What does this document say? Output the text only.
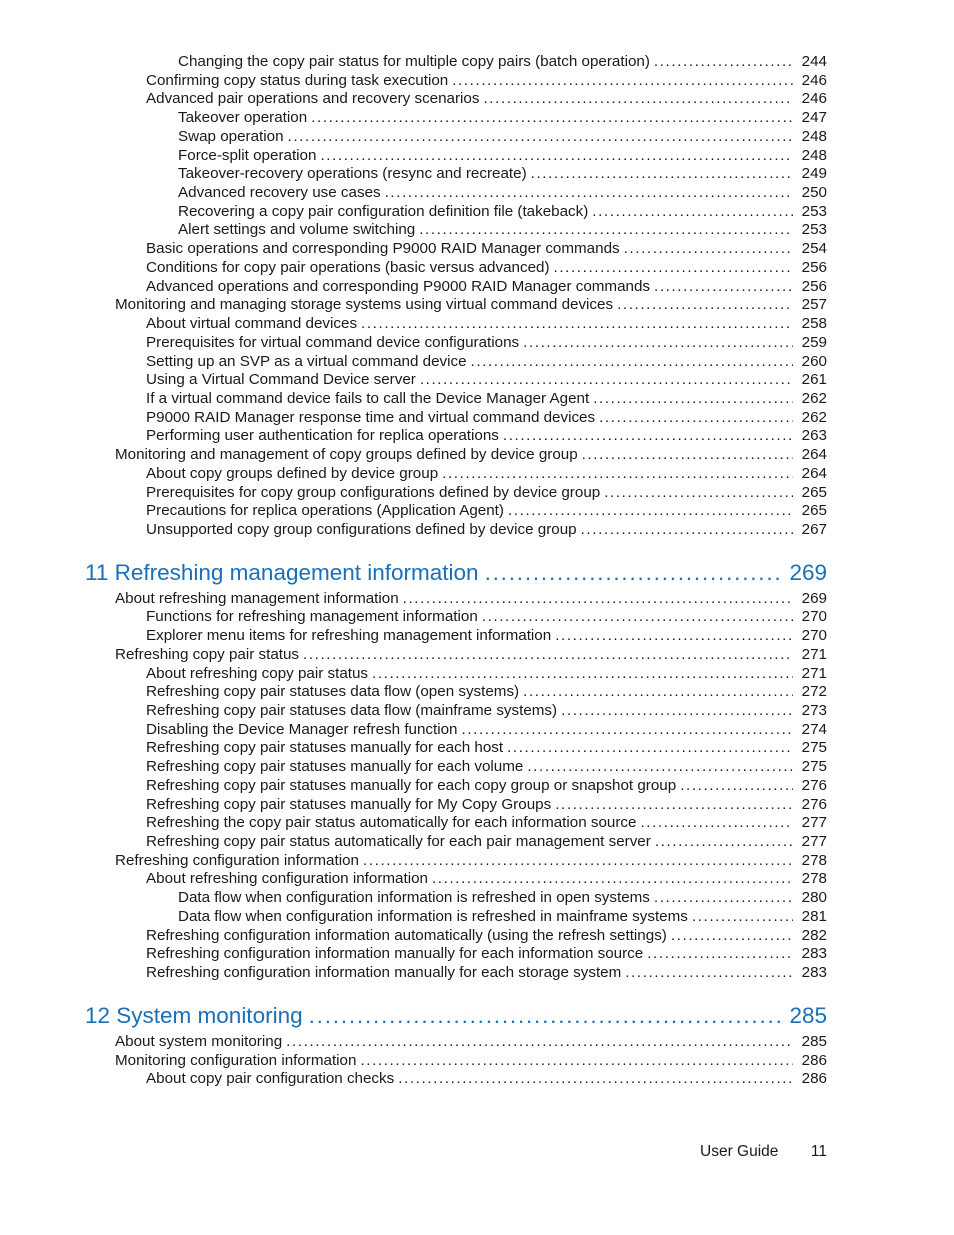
Changing the copy pair status for multiple copy pairs (batch operation) .....	244
Confirming copy status during task execution .....	246
Advanced pair operations and recovery scenarios .....	246
Takeover operation .....	247
Swap operation .....	248
Force-split operation .....	248
Takeover-recovery operations (resync and recreate) .....	249
Advanced recovery use cases .....	250
Recovering a copy pair configuration definition file (takeback) .....	253
Alert settings and volume switching .....	253
Basic operations and corresponding P9000 RAID Manager commands .....	254
Conditions for copy pair operations (basic versus advanced) .....	256
Advanced operations and corresponding P9000 RAID Manager commands .....	256
Monitoring and managing storage systems using virtual command devices .....	257
About virtual command devices .....	258
Prerequisites for virtual command device configurations .....	259
Setting up an SVP as a virtual command device .....	260
Using a Virtual Command Device server .....	261
If a virtual command device fails to call the Device Manager Agent .....	262
P9000 RAID Manager response time and virtual command devices .....	262
Performing user authentication for replica operations .....	263
Monitoring and management of copy groups defined by device group .....	264
About copy groups defined by device group .....	264
Prerequisites for copy group configurations defined by device group .....	265
Precautions for replica operations (Application Agent) .....	265
Unsupported copy group configurations defined by device group .....	267
11 Refreshing management information .....	269
About refreshing management information .....	269
Functions for refreshing management information .....	270
Explorer menu items for refreshing management information .....	270
Refreshing copy pair status .....	271
About refreshing copy pair status .....	271
Refreshing copy pair statuses data flow (open systems) .....	272
Refreshing copy pair statuses data flow (mainframe systems) .....	273
Disabling the Device Manager refresh function .....	274
Refreshing copy pair statuses manually for each host .....	275
Refreshing copy pair statuses manually for each volume .....	275
Refreshing copy pair statuses manually for each copy group or snapshot group .....	276
Refreshing copy pair statuses manually for My Copy Groups .....	276
Refreshing the copy pair status automatically for each information source .....	277
Refreshing copy pair status automatically for each pair management server .....	277
Refreshing configuration information .....	278
About refreshing configuration information .....	278
Data flow when configuration information is refreshed in open systems .....	280
Data flow when configuration information is refreshed in mainframe systems .....	281
Refreshing configuration information automatically (using the refresh settings) .....	282
Refreshing configuration information manually for each information source .....	283
Refreshing configuration information manually for each storage system .....	283
12 System monitoring .....	285
About system monitoring .....	285
Monitoring configuration information .....	286
About copy pair configuration checks .....	286
User Guide 11
